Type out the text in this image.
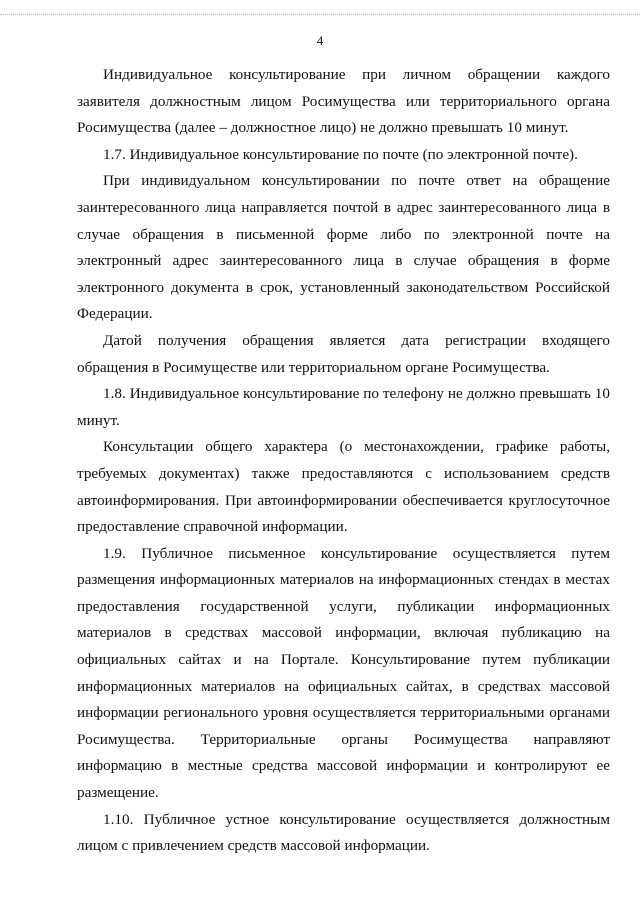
4

Индивидуальное консультирование при личном обращении каждого заявителя должностным лицом Росимущества или территориального органа Росимущества (далее – должностное лицо) не должно превышать 10 минут.

1.7. Индивидуальное консультирование по почте (по электронной почте).

При индивидуальном консультировании по почте ответ на обращение заинтересованного лица направляется почтой в адрес заинтересованного лица в случае обращения в письменной форме либо по электронной почте на электронный адрес заинтересованного лица в случае обращения в форме электронного документа в срок, установленный законодательством Российской Федерации.

Датой получения обращения является дата регистрации входящего обращения в Росимуществе или территориальном органе Росимущества.

1.8. Индивидуальное консультирование по телефону не должно превышать 10 минут.

Консультации общего характера (о местонахождении, графике работы, требуемых документах) также предоставляются с использованием средств автоинформирования. При автоинформировании обеспечивается круглосуточное предоставление справочной информации.

1.9. Публичное письменное консультирование осуществляется путем размещения информационных материалов на информационных стендах в местах предоставления государственной услуги, публикации информационных материалов в средствах массовой информации, включая публикацию на официальных сайтах и на Портале. Консультирование путем публикации информационных материалов на официальных сайтах, в средствах массовой информации регионального уровня осуществляется территориальными органами Росимущества. Территориальные органы Росимущества направляют информацию в местные средства массовой информации и контролируют ее размещение.

1.10. Публичное устное консультирование осуществляется должностным лицом с привлечением средств массовой информации.
